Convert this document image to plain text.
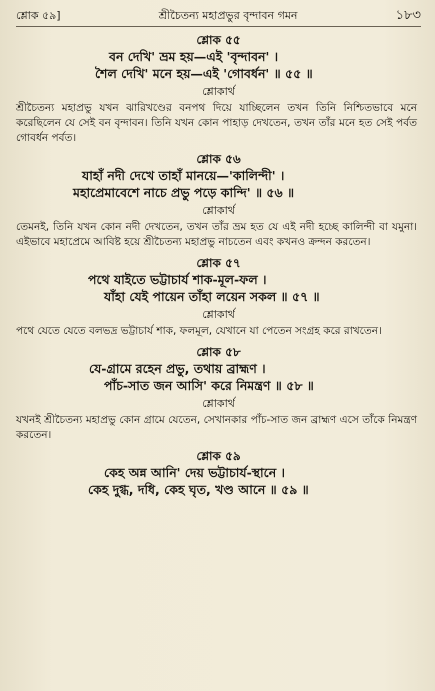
শ্লোক ৫৯]	শ্রীচৈতন্য মহাপ্রভুর বৃন্দাবন গমন	১৮৩
শ্লোক ৫৫
বন দেখি' ভ্রম হয়—এই 'বৃন্দাবন' ।
শৈল দেখি' মনে হয়—এই 'গোবর্ধন' ॥ ৫৫ ॥
শ্লোকার্থ
শ্রীচৈতন্য মহাপ্রভু যখন ঝারিখণ্ডের বনপথ দিয়ে যাচ্ছিলেন তখন তিনি নিশ্চিতভাবে মনে করেছিলেন যে সেই বন বৃন্দাবন। তিনি যখন কোন পাহাড় দেখতেন, তখন তাঁর মনে হত সেই পর্বত গোবর্ধন পর্বত।
শ্লোক ৫৬
যাহাঁ নদী দেখে তাহাঁ মানয়ে—'কালিন্দী' ।
মহাপ্রেমাবেশে নাচে প্রভু পড়ে কান্দি' ॥ ৫৬ ॥
শ্লোকার্থ
তেমনই, তিনি যখন কোন নদী দেখতেন, তখন তাঁর ভ্রম হত যে এই নদী হচ্ছে কালিন্দী বা যমুনা। এইভাবে মহাপ্রেমে আবিষ্ট হয়ে শ্রীচৈতন্য মহাপ্রভু নাচতেন এবং কখনও ক্রন্দন করতেন।
শ্লোক ৫৭
পথে যাইতে ভট্টাচার্য শাক-মূল-ফল ।
যাঁহা যেই পায়েন তাঁহা লয়েন সকল ॥ ৫৭ ॥
শ্লোকার্থ
পথে যেতে যেতে বলভদ্র ভট্টাচার্য শাক, ফলমূল, যেখানে যা পেতেন সংগ্রহ করে রাখতেন।
শ্লোক ৫৮
যে-গ্রামে রহেন প্রভু, তথায় ব্রাহ্মণ ।
পাঁচ-সাত জন আসি' করে নিমন্ত্রণ ॥ ৫৮ ॥
শ্লোকার্থ
যখনই শ্রীচৈতন্য মহাপ্রভু কোন গ্রামে যেতেন, সেখানকার পাঁচ-সাত জন ব্রাহ্মণ এসে তাঁকে নিমন্ত্রণ করতেন।
শ্লোক ৫৯
কেহ অন্ন আনি' দেয় ভট্টাচার্য-স্থানে ।
কেহ দুগ্ধ, দধি, কেহ ঘৃত, খণ্ড আনে ॥ ৫৯ ॥
